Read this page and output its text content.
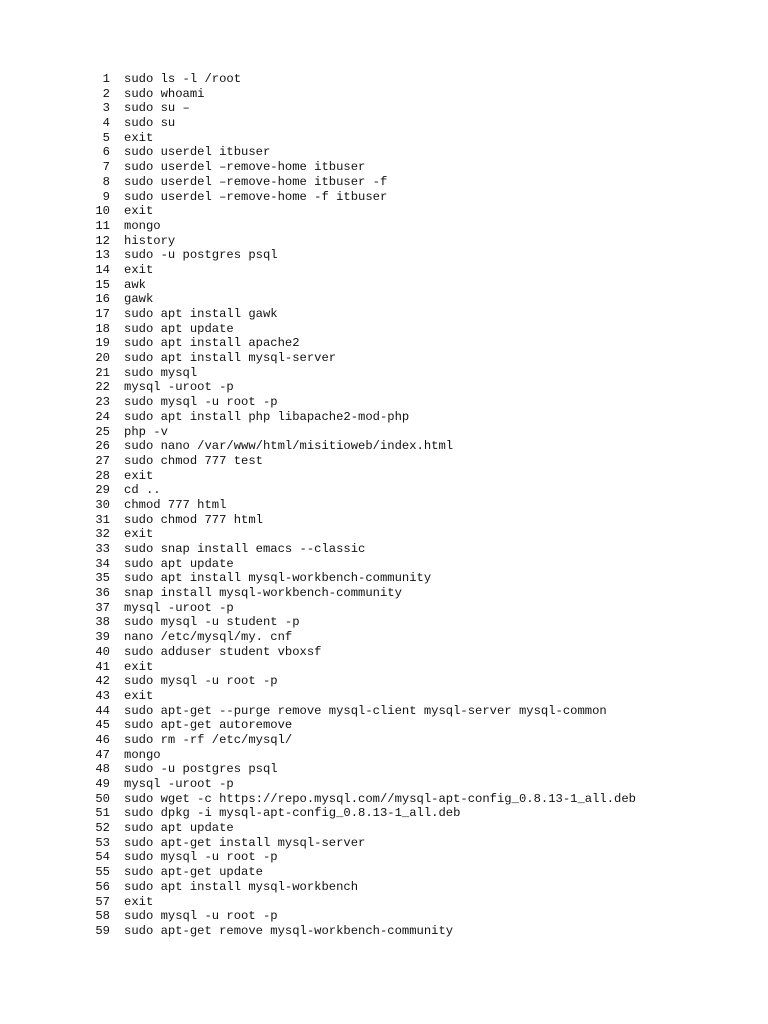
1 sudo ls -l /root
2 sudo whoami
3 sudo su –
4 sudo su
5 exit
6 sudo userdel itbuser
7 sudo userdel –remove-home itbuser
8 sudo userdel –remove-home itbuser -f
9 sudo userdel –remove-home -f itbuser
10 exit
11 mongo
12 history
13 sudo -u postgres psql
14 exit
15 awk
16 gawk
17 sudo apt install gawk
18 sudo apt update
19 sudo apt install apache2
20 sudo apt install mysql-server
21 sudo mysql
22 mysql -uroot -p
23 sudo mysql -u root -p
24 sudo apt install php libapache2-mod-php
25 php -v
26 sudo nano /var/www/html/misitioweb/index.html
27 sudo chmod 777 test
28 exit
29 cd ..
30 chmod 777 html
31 sudo chmod 777 html
32 exit
33 sudo snap install emacs --classic
34 sudo apt update
35 sudo apt install mysql-workbench-community
36 snap install mysql-workbench-community
37 mysql -uroot -p
38 sudo mysql -u student -p
39 nano /etc/mysql/my. cnf
40 sudo adduser student vboxsf
41 exit
42 sudo mysql -u root -p
43 exit
44 sudo apt-get --purge remove mysql-client mysql-server mysql-common
45 sudo apt-get autoremove
46 sudo rm -rf /etc/mysql/
47 mongo
48 sudo -u postgres psql
49 mysql -uroot -p
50 sudo wget -c https://repo.mysql.com//mysql-apt-config_0.8.13-1_all.deb
51 sudo dpkg -i mysql-apt-config_0.8.13-1_all.deb
52 sudo apt update
53 sudo apt-get install mysql-server
54 sudo mysql -u root -p
55 sudo apt-get update
56 sudo apt install mysql-workbench
57 exit
58 sudo mysql -u root -p
59 sudo apt-get remove mysql-workbench-community
